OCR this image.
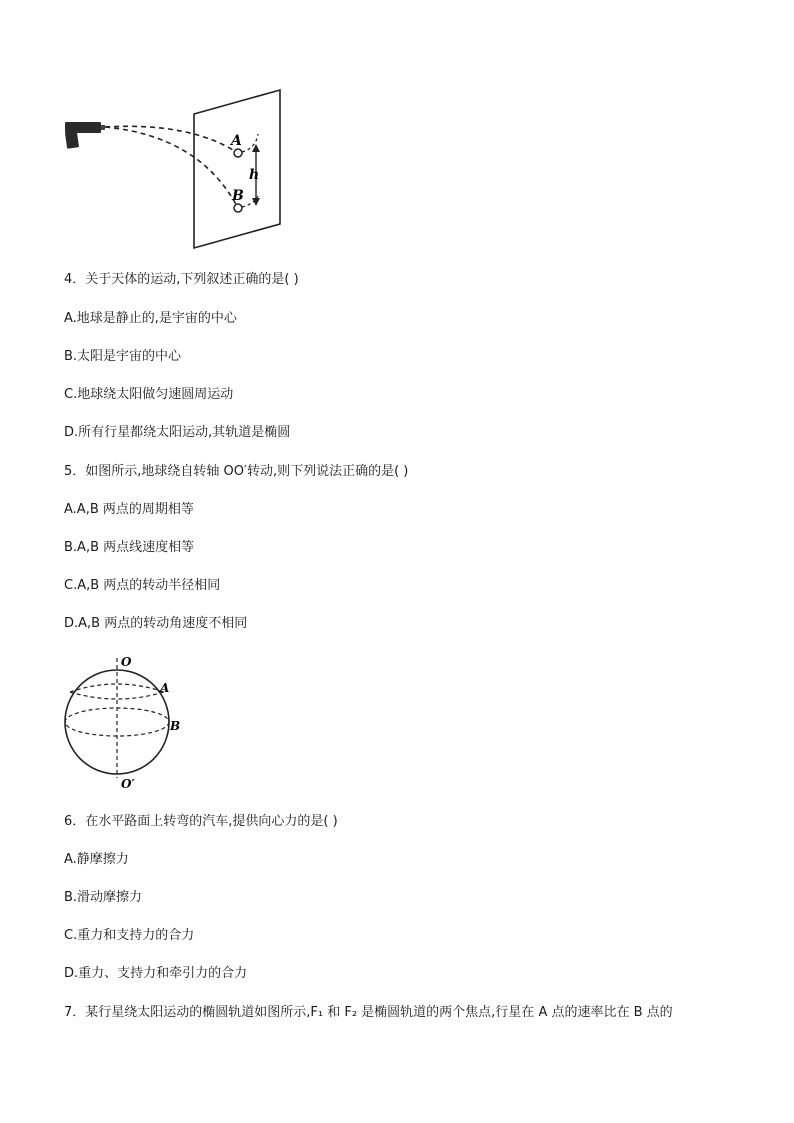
A
B
h

4．关于天体的运动,下列叙述正确的是( )

A.地球是静止的,是宇宙的中心

B.太阳是宇宙的中心

C.地球绕太阳做匀速圆周运动

D.所有行星都绕太阳运动,其轨道是椭圆

5．如图所示,地球绕自转轴 OO′转动,则下列说法正确的是( )

A.A,B 两点的周期相等

B.A,B 两点线速度相等

C.A,B 两点的转动半径相同

D.A,B 两点的转动角速度不相同

O
A
B
O′

6．在水平路面上转弯的汽车,提供向心力的是( )

A.静摩擦力

B.滑动摩擦力

C.重力和支持力的合力

D.重力、支持力和牵引力的合力

7．某行星绕太阳运动的椭圆轨道如图所示,F₁ 和 F₂ 是椭圆轨道的两个焦点,行星在 A 点的速率比在 B 点的
